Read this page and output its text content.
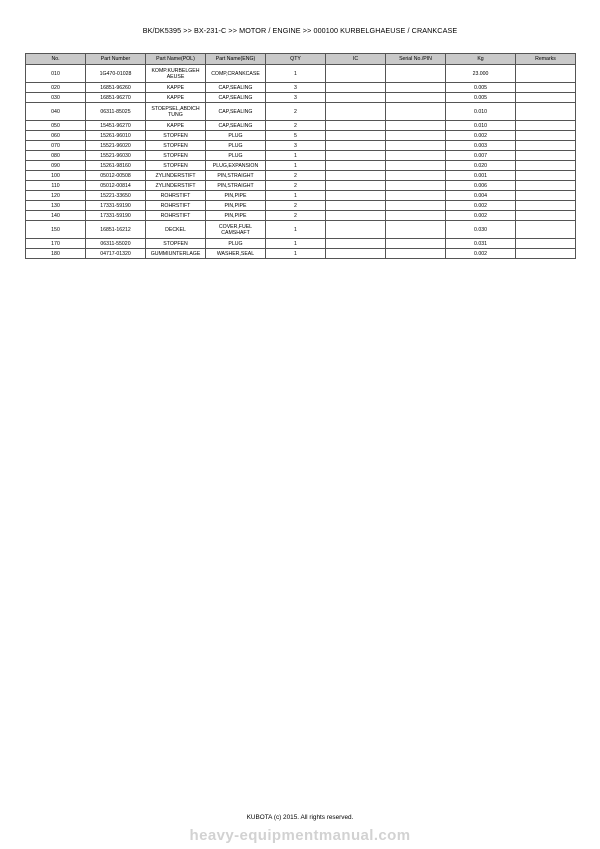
BK/DK5395 >> BX-231-C >> MOTOR / ENGINE >> 000100 KURBELGHAEUSE / CRANKCASE
No.	Part Number	Part Name(POL)	Part Name(ENG)	QTY	IC	Serial No./PIN	Kg	Remarks
010	1G470-01028	KOMP.KURBELGEH AEUSE	COMP,CRANKCASE	1			23.000	
020	16851-96260	KAPPE	CAP,SEALING	3			0.005	
030	16851-96270	KAPPE	CAP,SEALING	3			0.005	
040	06311-85025	STOEPSEL,ABDICH TUNG	CAP,SEALING	2			0.010	
050	15451-96270	KAPPE	CAP,SEALING	2			0.010	
060	15261-96010	STOPFEN	PLUG	5			0.002	
070	15521-96020	STOPFEN	PLUG	3			0.003	
080	15521-96030	STOPFEN	PLUG	1			0.007	
090	15261-98160	STOPFEN	PLUG,EXPANSION	1			0.020	
100	05012-00508	ZYLINDERSTIFT	PIN,STRAIGHT	2			0.001	
110	05012-00814	ZYLINDERSTIFT	PIN,STRAIGHT	2			0.006	
120	15221-33650	ROHRSTIFT	PIN,PIPE	1			0.004	
130	17331-59190	ROHRSTIFT	PIN,PIPE	2			0.002	
140	17331-59190	ROHRSTIFT	PIN,PIPE	2			0.002	
150	16851-16212	DECKEL	COVER,FUEL CAMSHAFT	1			0.030	
170	06311-55020	STOPFEN	PLUG	1			0.031	
180	04717-01320	GUMMIUNTERLAGE	WASHER,SEAL	1			0.002	
KUBOTA (c) 2015. All rights reserved.
heavy-equipmentmanual.com
